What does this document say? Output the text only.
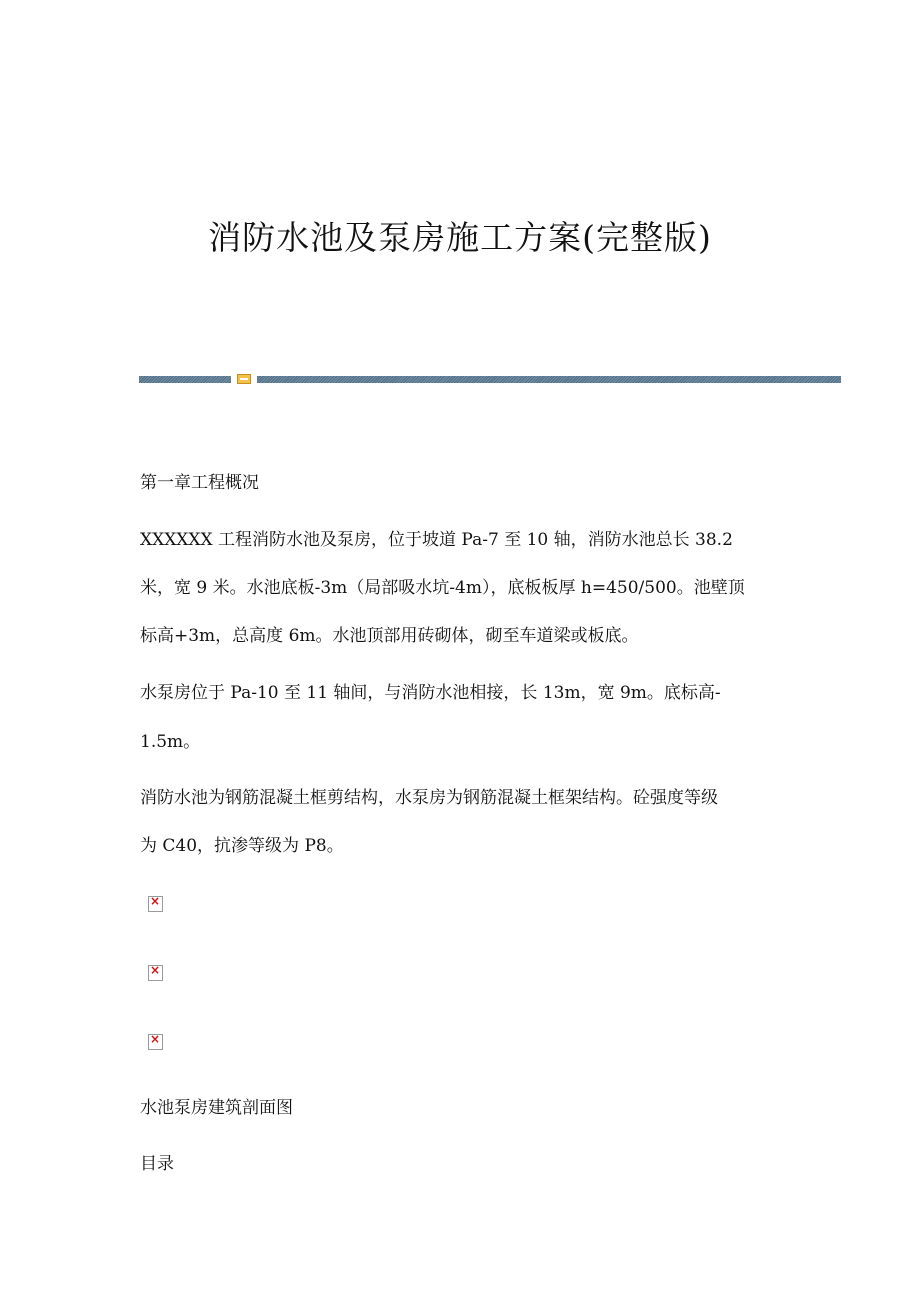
消防水池及泵房施工方案(完整版)

第一章工程概况

XXXXXX 工程消防水池及泵房，位于坡道 Pa-7 至 10 轴，消防水池总长 38.2

米，宽 9 米。水池底板-3m（局部吸水坑-4m），底板板厚 h=450/500。池壁顶

标高+3m，总高度 6m。水池顶部用砖砌体，砌至车道梁或板底。

水泵房位于 Pa-10 至 11 轴间，与消防水池相接，长 13m，宽 9m。底标高-

1.5m。

消防水池为钢筋混凝土框剪结构，水泵房为钢筋混凝土框架结构。砼强度等级

为 C40，抗渗等级为 P8。

×
×
×

水池泵房建筑剖面图

目录
